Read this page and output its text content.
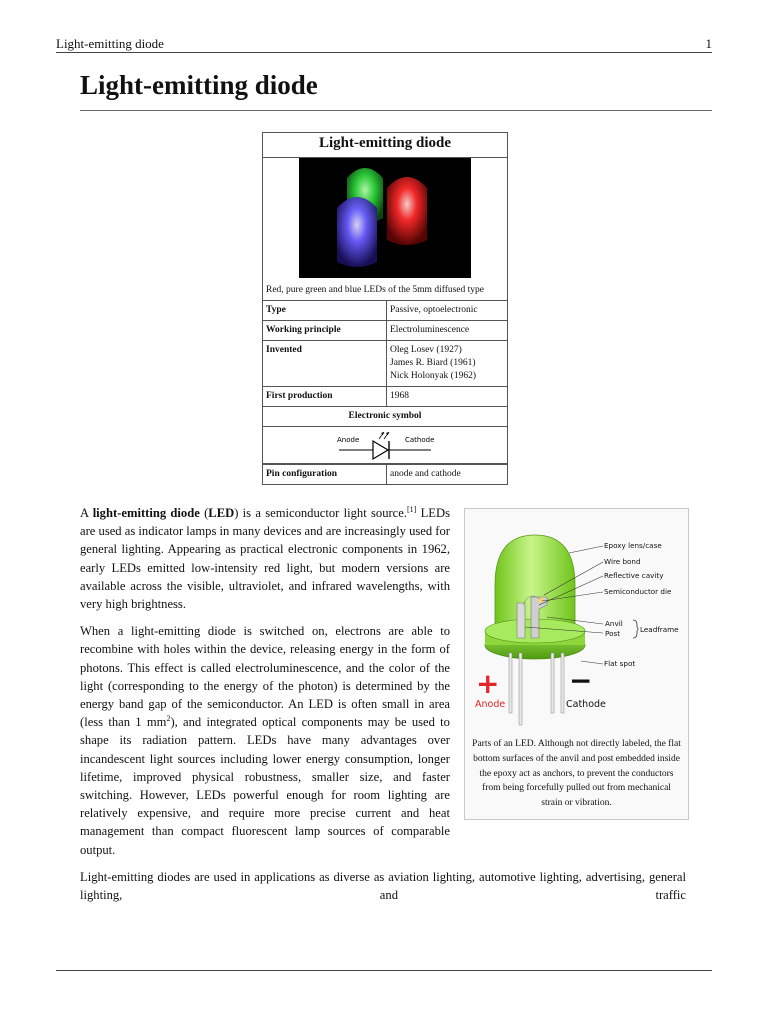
Light-emitting diode	1
Light-emitting diode
Light-emitting diode
Red, pure green and blue LEDs of the 5mm diffused type
Type	Passive, optoelectronic
Working principle	Electroluminescence
Invented	Oleg Losev (1927)
James R. Biard (1961)
Nick Holonyak (1962)

First production	1968

Electronic symbol
Anode Cathode	

Pin configuration	anode and cathode

A light-emitting diode (LED) is a semiconductor light source.[1] LEDs are used as indicator lamps in many devices and are increasingly used for general lighting. Appearing as practical electronic components in 1962, early LEDs emitted low-intensity red light, but modern versions are available across the visible, ultraviolet, and infrared wavelengths, with very high brightness.

When a light-emitting diode is switched on, electrons are able to recombine with holes within the device, releasing energy in the form of photons. This effect is called electroluminescence, and the color of the light (corresponding to the energy of the photon) is determined by the energy band gap of the semiconductor. An LED is often small in area (less than 1 $mm^2$), and integrated optical components may be used to shape its radiation pattern. LEDs have many advantages over incandescent light sources including lower energy consumption, longer lifetime, improved physical robustness, smaller size, and faster switching. However, LEDs powerful enough for room lighting are relatively expensive, and require more precise current and heat management than compact fluorescent lamp sources of comparable output.

Epoxy lens/case
Wire bond
Reflective cavity
Semiconductor die
Anvil
Post	Leadframe
Flat spot
+ −
Anode	Cathode
Parts of an LED. Although not directly labeled, the flat bottom surfaces of the anvil and post embedded inside the epoxy act as anchors, to prevent the conductors from being forcefully pulled out from mechanical strain or vibration.
Light-emitting diodes are used in applications as diverse as aviation lighting, automotive lighting, advertising, general lighting, and traffic
